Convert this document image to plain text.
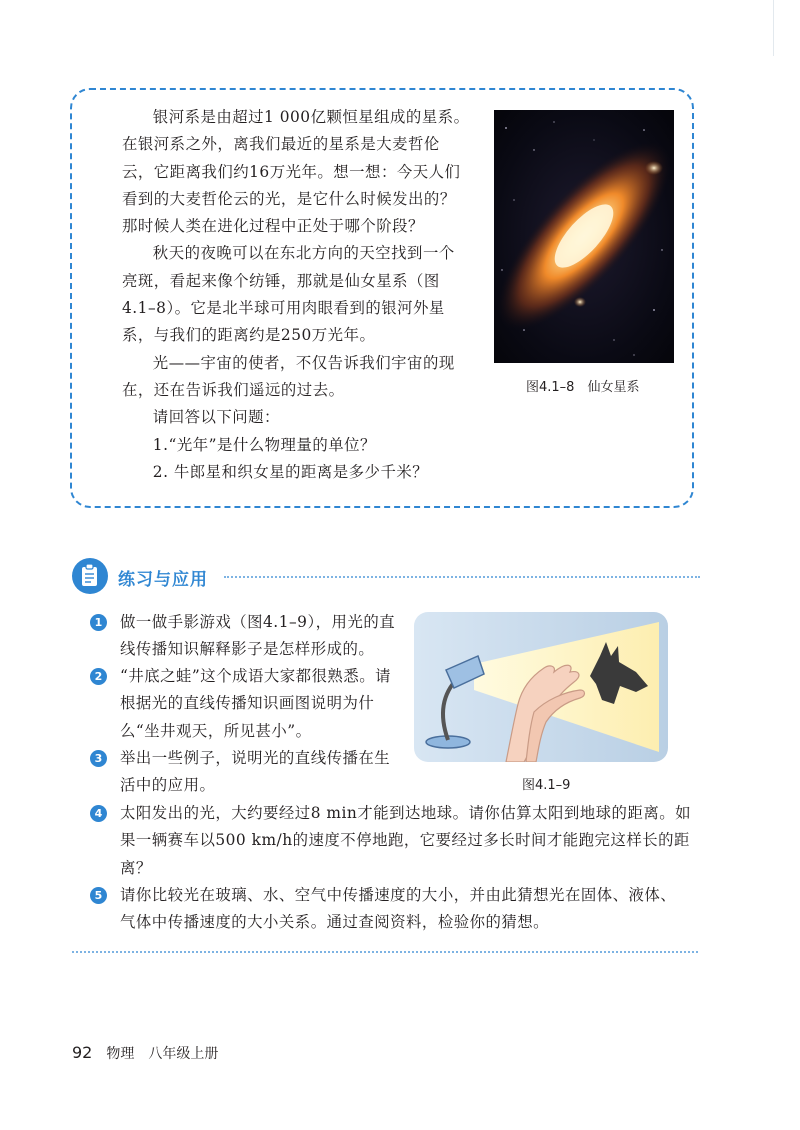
银河系是由超过1 000亿颗恒星组成的星系。在银河系之外，离我们最近的星系是大麦哲伦云，它距离我们约16万光年。想一想：今天人们看到的大麦哲伦云的光，是它什么时候发出的？那时候人类在进化过程中正处于哪个阶段？

秋天的夜晚可以在东北方向的天空找到一个亮斑，看起来像个纺锤，那就是仙女星系（图4.1–8）。它是北半球可用肉眼看到的银河外星系，与我们的距离约是250万光年。

光——宇宙的使者，不仅告诉我们宇宙的现在，还在告诉我们遥远的过去。

请回答以下问题：

1.“光年”是什么物理量的单位？

2. 牛郎星和织女星的距离是多少千米？

图4.1–8　仙女星系
练习与应用
1	做一做手影游戏（图4.1–9），用光的直线传播知识解释影子是怎样形成的。

2	“井底之蛙”这个成语大家都很熟悉。请根据光的直线传播知识画图说明为什么“坐井观天，所见甚小”。

3	举出一些例子，说明光的直线传播在生活中的应用。

4	太阳发出的光，大约要经过8 min才能到达地球。请你估算太阳到地球的距离。如果一辆赛车以500 km/h的速度不停地跑，它要经过多长时间才能跑完这样长的距离？

5	请你比较光在玻璃、水、空气中传播速度的大小，并由此猜想光在固体、液体、气体中传播速度的大小关系。通过查阅资料，检验你的猜想。

图4.1–9
92 物理 八年级上册
